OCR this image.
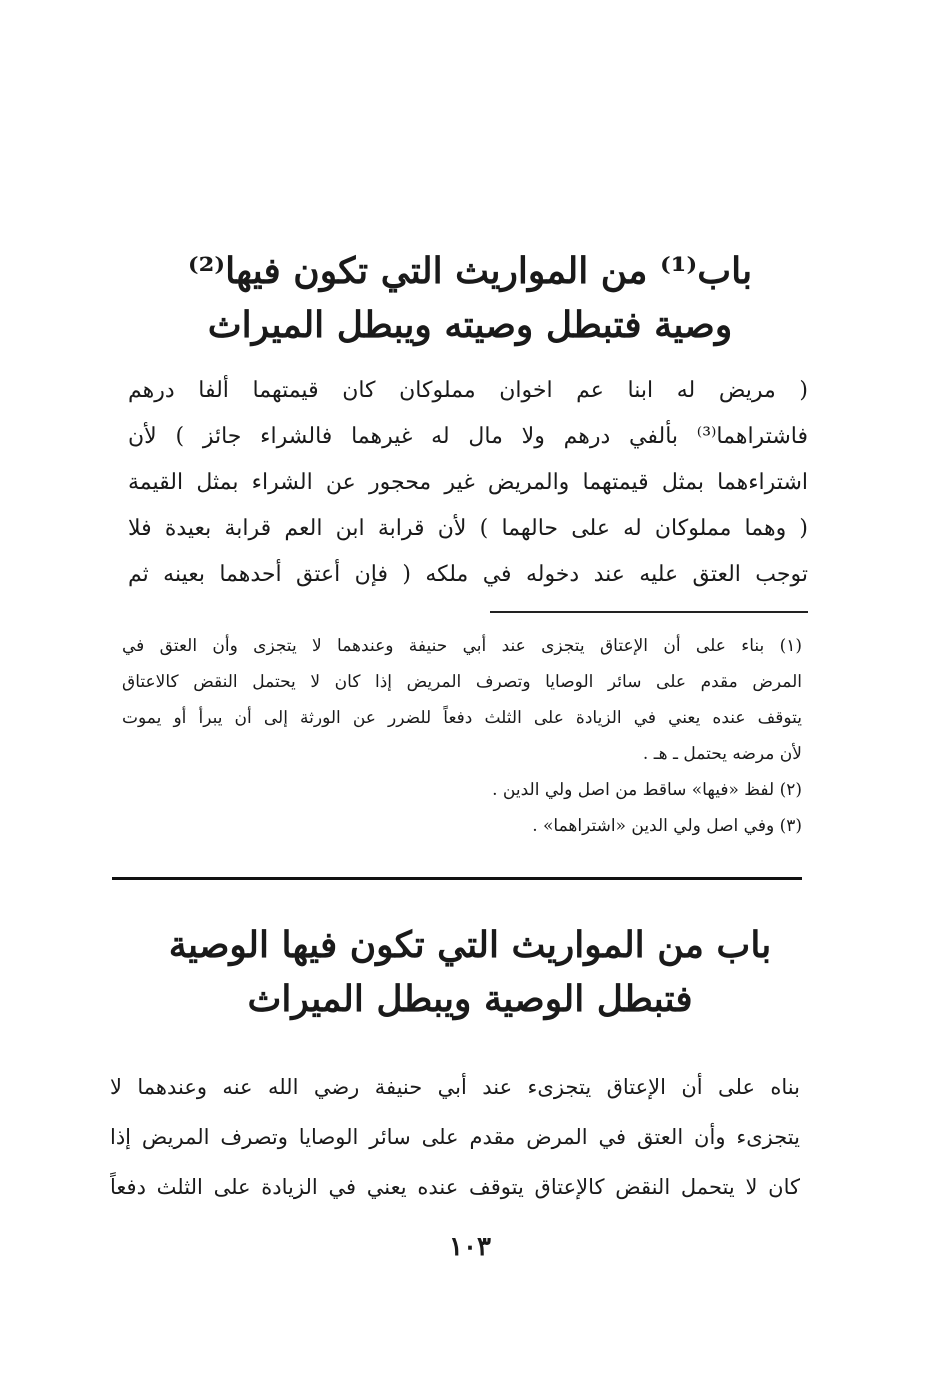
باب⁽¹⁾ من المواريث التي تكون فيها⁽²⁾
وصية فتبطل وصيته ويبطل الميراث
( مريض له ابنا عم اخوان مملوكان كان قيمتهما ألفا درهم
فاشتراهما⁽³⁾ بألفي درهم ولا مال له غيرهما فالشراء جائز ) لأن
اشتراءهما بمثل قيمتهما والمريض غير محجور عن الشراء بمثل القيمة
( وهما مملوكان له على حالهما ) لأن قرابة ابن العم قرابة بعيدة فلا
توجب العتق عليه عند دخوله في ملكه ( فإن أعتق أحدهما بعينه ثم
(١) بناء على أن الإعتاق يتجزى عند أبي حنيفة وعندهما لا يتجزى وأن العتق في
المرض مقدم على سائر الوصايا وتصرف المريض إذا كان لا يحتمل النقض كالاعتاق
يتوقف عنده يعني في الزيادة على الثلث دفعاً للضرر عن الورثة إلى أن يبرأ أو يموت
لأن مرضه يحتمل ـ هـ .
(٢) لفظ «فيها» ساقط من اصل ولي الدين .
(٣) وفي اصل ولي الدين «اشتراهما» .
باب من المواريث التي تكون فيها الوصية
فتبطل الوصية ويبطل الميراث
بناه على أن الإعتاق يتجزىء عند أبي حنيفة رضي الله عنه وعندهما لا
يتجزىء وأن العتق في المرض مقدم على سائر الوصايا وتصرف المريض إذا
كان لا يتحمل النقض كالإعتاق يتوقف عنده يعني في الزيادة على الثلث دفعاً
١٠٣
